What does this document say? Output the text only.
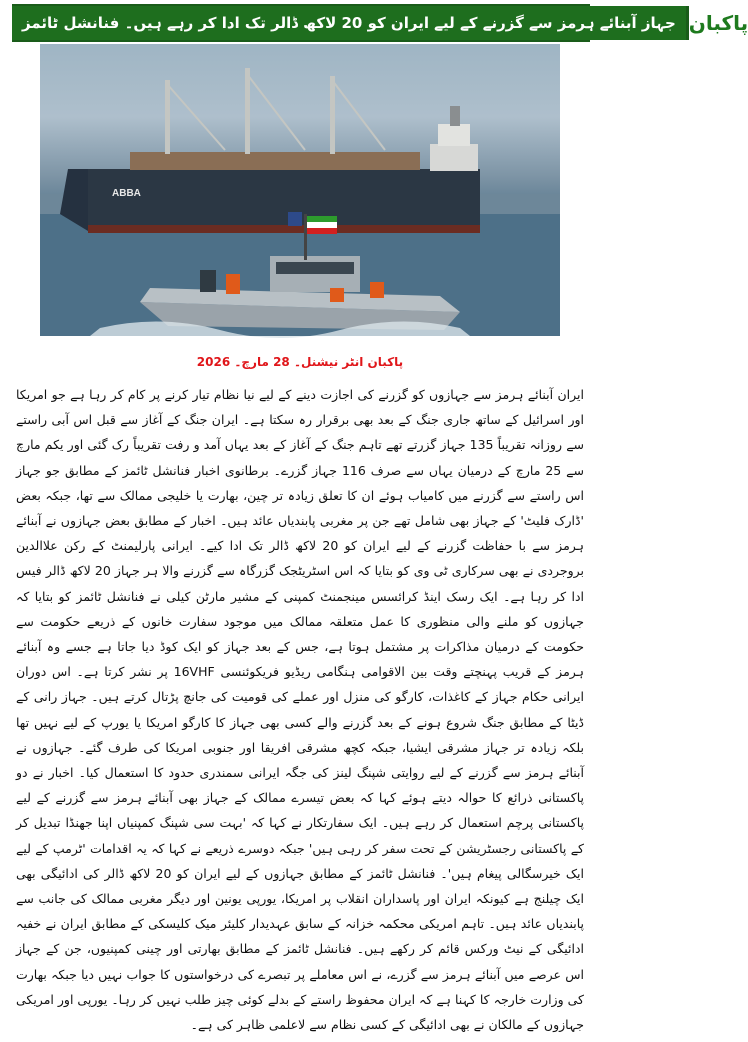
جہاز آبنائے ہرمز سے گزرنے کے لیے ایران کو 20 لاکھ ڈالر تک ادا کر رہے ہیں۔ فنانشل ٹائمز پاکبان
ABBA
پاکبان انٹر نیشنل۔ 28 مارچ۔ 2026
ایران آبنائے ہرمز سے جہازوں کو گزرنے کی اجازت دینے کے لیے نیا نظام تیار کرنے پر کام کر رہا ہے جو امریکا اور اسرائیل کے ساتھ جاری جنگ کے بعد بھی برقرار رہ سکتا ہے۔ ایران جنگ کے آغاز سے قبل اس آبی راستے سے روزانہ تقریباً 135 جہاز گزرتے تھے تاہم جنگ کے آغاز کے بعد یہاں آمد و رفت تقریباً رک گئی اور یکم مارچ سے 25 مارچ کے درمیان یہاں سے صرف 116 جہاز گزرے۔ برطانوی اخبار فنانشل ٹائمز کے مطابق جو جہاز اس راستے سے گزرنے میں کامیاب ہوئے ان کا تعلق زیادہ تر چین، بھارت یا خلیجی ممالک سے تھا، جبکہ بعض 'ڈارک فلیٹ' کے جہاز بھی شامل تھے جن پر مغربی پابندیاں عائد ہیں۔ اخبار کے مطابق بعض جہازوں نے آبنائے ہرمز سے با حفاظت گزرنے کے لیے ایران کو 20 لاکھ ڈالر تک ادا کیے۔ ایرانی پارلیمنٹ کے رکن علاالدین بروجردی نے بھی سرکاری ٹی وی کو بتایا کہ اس اسٹریٹجک گزرگاہ سے گزرنے والا ہر جہاز 20 لاکھ ڈالر فیس ادا کر رہا ہے۔ ایک رسک اینڈ کرائسس مینجمنٹ کمپنی کے مشیر مارٹن کیلی نے فنانشل ٹائمز کو بتایا کہ جہازوں کو ملنے والی منظوری کا عمل متعلقہ ممالک میں موجود سفارت خانوں کے ذریعے حکومت سے حکومت کے درمیان مذاکرات پر مشتمل ہوتا ہے، جس کے بعد جہاز کو ایک کوڈ دیا جاتا ہے جسے وہ آبنائے ہرمز کے قریب پہنچتے وقت بین الاقوامی ہنگامی ریڈیو فریکوئنسی 16VHF پر نشر کرتا ہے۔ اس دوران ایرانی حکام جہاز کے کاغذات، کارگو کی منزل اور عملے کی قومیت کی جانچ پڑتال کرتے ہیں۔ جہاز رانی کے ڈیٹا کے مطابق جنگ شروع ہونے کے بعد گزرنے والے کسی بھی جہاز کا کارگو امریکا یا یورپ کے لیے نہیں تھا بلکہ زیادہ تر جہاز مشرقی ایشیا، جبکہ کچھ مشرقی افریقا اور جنوبی امریکا کی طرف گئے۔ جہازوں نے آبنائے ہرمز سے گزرنے کے لیے روایتی شپنگ لینز کی جگہ ایرانی سمندری حدود کا استعمال کیا۔ اخبار نے دو پاکستانی ذرائع کا حوالہ دیتے ہوئے کہا کہ بعض تیسرے ممالک کے جہاز بھی آبنائے ہرمز سے گزرنے کے لیے پاکستانی پرچم استعمال کر رہے ہیں۔ ایک سفارتکار نے کہا کہ 'بہت سی شپنگ کمپنیاں اپنا جھنڈا تبدیل کر کے پاکستانی رجسٹریشن کے تحت سفر کر رہی ہیں' جبکہ دوسرے ذریعے نے کہا کہ یہ اقدامات 'ٹرمپ کے لیے ایک خیرسگالی پیغام ہیں'۔ فنانشل ٹائمز کے مطابق جہازوں کے لیے ایران کو 20 لاکھ ڈالر کی ادائیگی بھی ایک چیلنج ہے کیونکہ ایران اور پاسداران انقلاب پر امریکا، یورپی یونین اور دیگر مغربی ممالک کی جانب سے پابندیاں عائد ہیں۔ تاہم امریکی محکمہ خزانہ کے سابق عہدیدار کلیئر میک کلیسکی کے مطابق ایران نے خفیہ ادائیگی کے نیٹ ورکس قائم کر رکھے ہیں۔ فنانشل ٹائمز کے مطابق بھارتی اور چینی کمپنیوں، جن کے جہاز اس عرصے میں آبنائے ہرمز سے گزرے، نے اس معاملے پر تبصرے کی درخواستوں کا جواب نہیں دیا جبکہ بھارت کی وزارت خارجہ کا کہنا ہے کہ ایران محفوظ راستے کے بدلے کوئی چیز طلب نہیں کر رہا۔ یورپی اور امریکی جہازوں کے مالکان نے بھی ادائیگی کے کسی نظام سے لاعلمی ظاہر کی ہے۔
